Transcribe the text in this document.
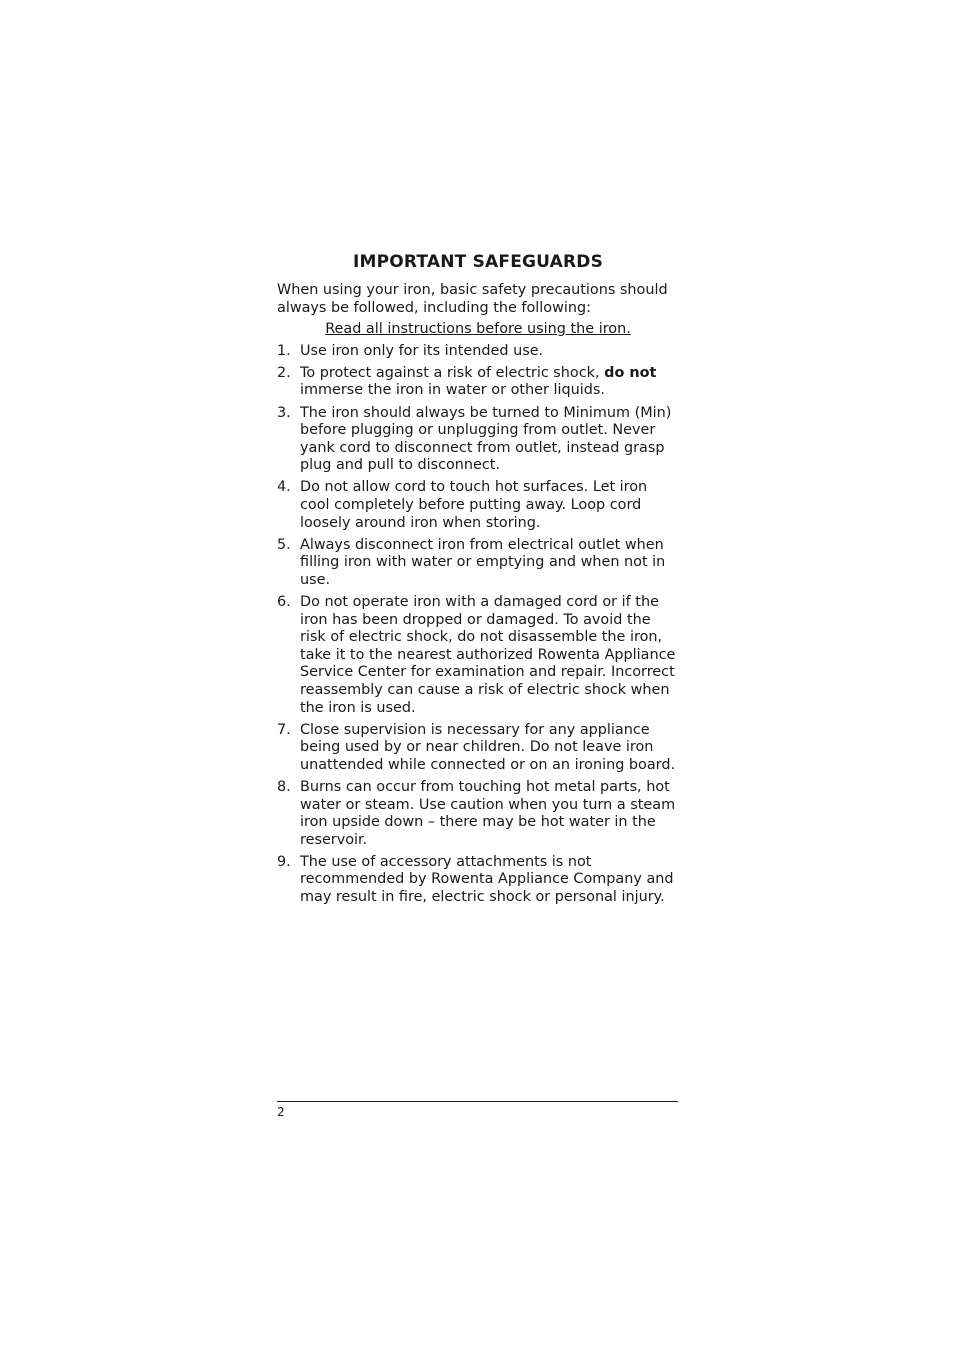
IMPORTANT SAFEGUARDS

When using your iron, basic safety precautions should always be followed, including the following:

Read all instructions before using the iron.

1. Use iron only for its intended use.
2. To protect against a risk of electric shock, do not immerse the iron in water or other liquids.
3. The iron should always be turned to Minimum (Min) before plugging or unplugging from outlet. Never yank cord to disconnect from outlet, instead grasp plug and pull to disconnect.
4. Do not allow cord to touch hot surfaces. Let iron cool completely before putting away. Loop cord loosely around iron when storing.
5. Always disconnect iron from electrical outlet when filling iron with water or emptying and when not in use.
6. Do not operate iron with a damaged cord or if the iron has been dropped or damaged. To avoid the risk of electric shock, do not disassemble the iron, take it to the nearest authorized Rowenta Appliance Service Center for examination and repair. Incorrect reassembly can cause a risk of electric shock when the iron is used.
7. Close supervision is necessary for any appliance being used by or near children. Do not leave iron unattended while connected or on an ironing board.
8. Burns can occur from touching hot metal parts, hot water or steam. Use caution when you turn a steam iron upside down – there may be hot water in the reservoir.
9. The use of accessory attachments is not recommended by Rowenta Appliance Company and may result in fire, electric shock or personal injury.
2
